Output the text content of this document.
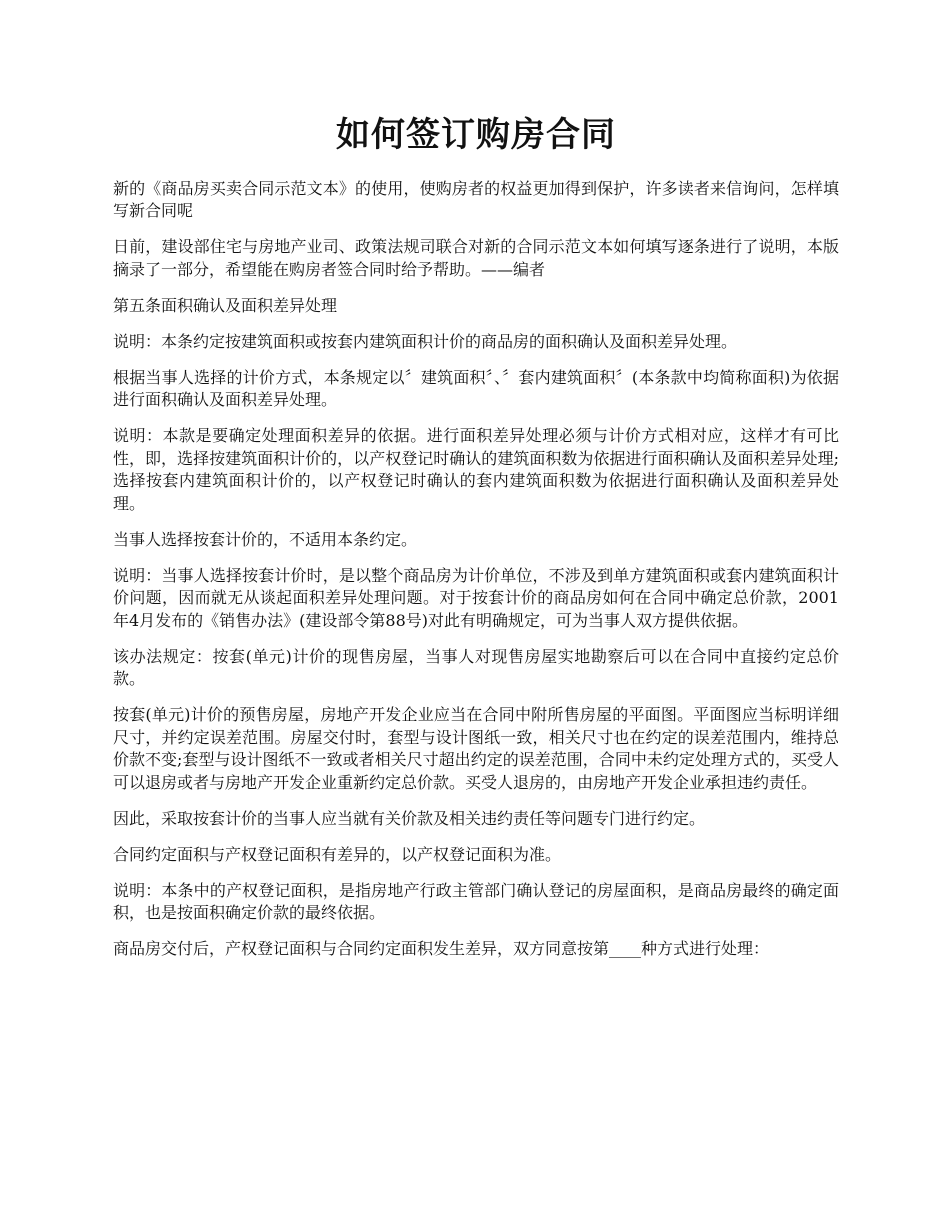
如何签订购房合同

新的《商品房买卖合同示范文本》的使用，使购房者的权益更加得到保护，许多读者来信询问，怎样填写新合同呢

日前，建设部住宅与房地产业司、政策法规司联合对新的合同示范文本如何填写逐条进行了说明，本版摘录了一部分，希望能在购房者签合同时给予帮助。——编者

第五条面积确认及面积差异处理

说明：本条约定按建筑面积或按套内建筑面积计价的商品房的面积确认及面积差异处理。

根据当事人选择的计价方式，本条规定以〞建筑面积〞、〞套内建筑面积〞(本条款中均简称面积)为依据进行面积确认及面积差异处理。

说明：本款是要确定处理面积差异的依据。进行面积差异处理必须与计价方式相对应，这样才有可比性，即，选择按建筑面积计价的，以产权登记时确认的建筑面积数为依据进行面积确认及面积差异处理;选择按套内建筑面积计价的，以产权登记时确认的套内建筑面积数为依据进行面积确认及面积差异处理。

当事人选择按套计价的，不适用本条约定。

说明：当事人选择按套计价时，是以整个商品房为计价单位，不涉及到单方建筑面积或套内建筑面积计价问题，因而就无从谈起面积差异处理问题。对于按套计价的商品房如何在合同中确定总价款，2001年4月发布的《销售办法》(建设部令第88号)对此有明确规定，可为当事人双方提供依据。

该办法规定：按套(单元)计价的现售房屋，当事人对现售房屋实地勘察后可以在合同中直接约定总价款。

按套(单元)计价的预售房屋，房地产开发企业应当在合同中附所售房屋的平面图。平面图应当标明详细尺寸，并约定误差范围。房屋交付时，套型与设计图纸一致，相关尺寸也在约定的误差范围内，维持总价款不变;套型与设计图纸不一致或者相关尺寸超出约定的误差范围，合同中未约定处理方式的，买受人可以退房或者与房地产开发企业重新约定总价款。买受人退房的，由房地产开发企业承担违约责任。

因此，采取按套计价的当事人应当就有关价款及相关违约责任等问题专门进行约定。

合同约定面积与产权登记面积有差异的，以产权登记面积为准。

说明：本条中的产权登记面积，是指房地产行政主管部门确认登记的房屋面积，是商品房最终的确定面积，也是按面积确定价款的最终依据。

商品房交付后，产权登记面积与合同约定面积发生差异，双方同意按第____种方式进行处理：
